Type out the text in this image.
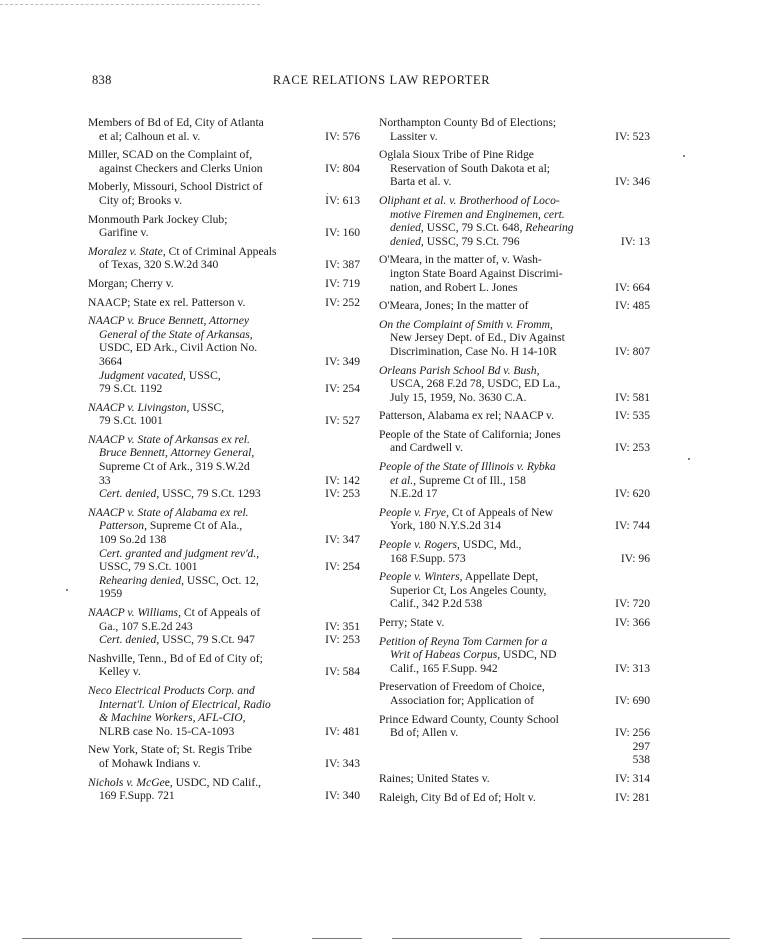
838	RACE RELATIONS LAW REPORTER
Members of Bd of Ed, City of Atlanta
et al; Calhoun et al. v.	IV: 576
Miller, SCAD on the Complaint of,
against Checkers and Clerks Union	IV: 804
Moberly, Missouri, School District of
City of; Brooks v.	IV: 613
Monmouth Park Jockey Club;
Garifine v.	IV: 160
Moralez v. State, Ct of Criminal Appeals
of Texas, 320 S.W.2d 340	IV: 387
Morgan; Cherry v.	IV: 719
NAACP; State ex rel. Patterson v.	IV: 252
NAACP v. Bruce Bennett, Attorney
General of the State of Arkansas,
USDC, ED Ark., Civil Action No.
3664	IV: 349
Judgment vacated, USSC,
79 S.Ct. 1192	IV: 254
NAACP v. Livingston, USSC,
79 S.Ct. 1001	IV: 527
NAACP v. State of Arkansas ex rel.
Bruce Bennett, Attorney General,
Supreme Ct of Ark., 319 S.W.2d
33	IV: 142
Cert. denied, USSC, 79 S.Ct. 1293	IV: 253
NAACP v. State of Alabama ex rel.
Patterson, Supreme Ct of Ala.,
109 So.2d 138	IV: 347
Cert. granted and judgment rev'd.,
USSC, 79 S.Ct. 1001	IV: 254
Rehearing denied, USSC, Oct. 12,
1959
NAACP v. Williams, Ct of Appeals of
Ga., 107 S.E.2d 243	IV: 351
Cert. denied, USSC, 79 S.Ct. 947	IV: 253
Nashville, Tenn., Bd of Ed of City of;
Kelley v.	IV: 584
Neco Electrical Products Corp. and
Internat'l. Union of Electrical, Radio
& Machine Workers, AFL-CIO,
NLRB case No. 15-CA-1093	IV: 481
New York, State of; St. Regis Tribe
of Mohawk Indians v.	IV: 343
Nichols v. McGee, USDC, ND Calif.,
169 F.Supp. 721	IV: 340
Northampton County Bd of Elections;
Lassiter v.	IV: 523
Oglala Sioux Tribe of Pine Ridge
Reservation of South Dakota et al;
Barta et al. v.	IV: 346
Oliphant et al. v. Brotherhood of Loco-
motive Firemen and Enginemen, cert.
denied, USSC, 79 S.Ct. 648, Rehearing
denied, USSC, 79 S.Ct. 796	IV: 13
O'Meara, in the matter of, v. Wash-
ington State Board Against Discrimi-
nation, and Robert L. Jones	IV: 664
O'Meara, Jones; In the matter of	IV: 485
On the Complaint of Smith v. Fromm,
New Jersey Dept. of Ed., Div Against
Discrimination, Case No. H 14-10R	IV: 807
Orleans Parish School Bd v. Bush,
USCA, 268 F.2d 78, USDC, ED La.,
July 15, 1959, No. 3630 C.A.	IV: 581
Patterson, Alabama ex rel; NAACP v.	IV: 535
People of the State of California; Jones
and Cardwell v.	IV: 253
People of the State of Illinois v. Rybka
et al., Supreme Ct of Ill., 158
N.E.2d 17	IV: 620
People v. Frye, Ct of Appeals of New
York, 180 N.Y.S.2d 314	IV: 744
People v. Rogers, USDC, Md.,
168 F.Supp. 573	IV: 96
People v. Winters, Appellate Dept,
Superior Ct, Los Angeles County,
Calif., 342 P.2d 538	IV: 720
Perry; State v.	IV: 366
Petition of Reyna Tom Carmen for a
Writ of Habeas Corpus, USDC, ND
Calif., 165 F.Supp. 942	IV: 313
Preservation of Freedom of Choice,
Association for; Application of	IV: 690
Prince Edward County, County School
Bd of; Allen v.	IV: 256
297
538
Raines; United States v.	IV: 314
Raleigh, City Bd of Ed of; Holt v.	IV: 281
